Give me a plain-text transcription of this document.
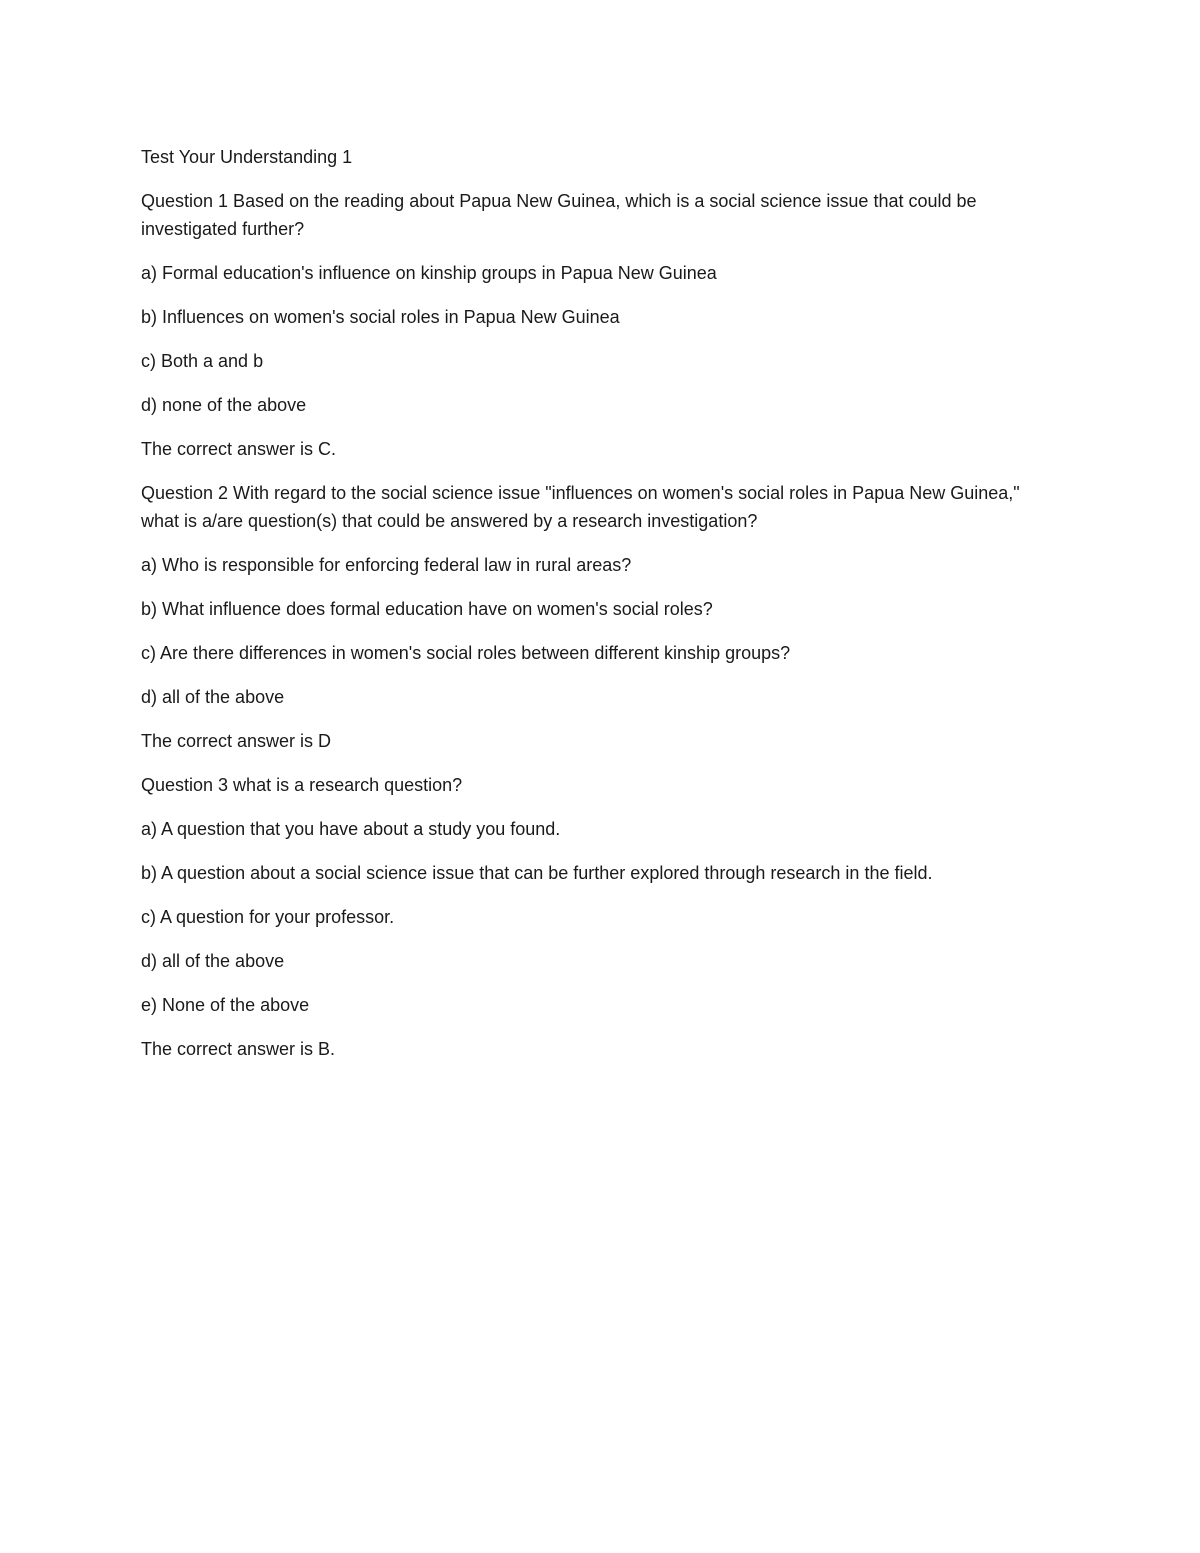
Test Your Understanding 1

Question 1 Based on the reading about Papua New Guinea, which is a social science issue that could be investigated further?

a) Formal education's influence on kinship groups in Papua New Guinea

b) Influences on women's social roles in Papua New Guinea

c) Both a and b

d) none of the above

The correct answer is C.

Question 2 With regard to the social science issue "influences on women's social roles in Papua New Guinea," what is a/are question(s) that could be answered by a research investigation?

a) Who is responsible for enforcing federal law in rural areas?

b) What influence does formal education have on women's social roles?

c) Are there differences in women's social roles between different kinship groups?

d) all of the above

The correct answer is D

Question 3 what is a research question?

a) A question that you have about a study you found.

b) A question about a social science issue that can be further explored through research in the field.

c) A question for your professor.

d) all of the above

e) None of the above

The correct answer is B.
